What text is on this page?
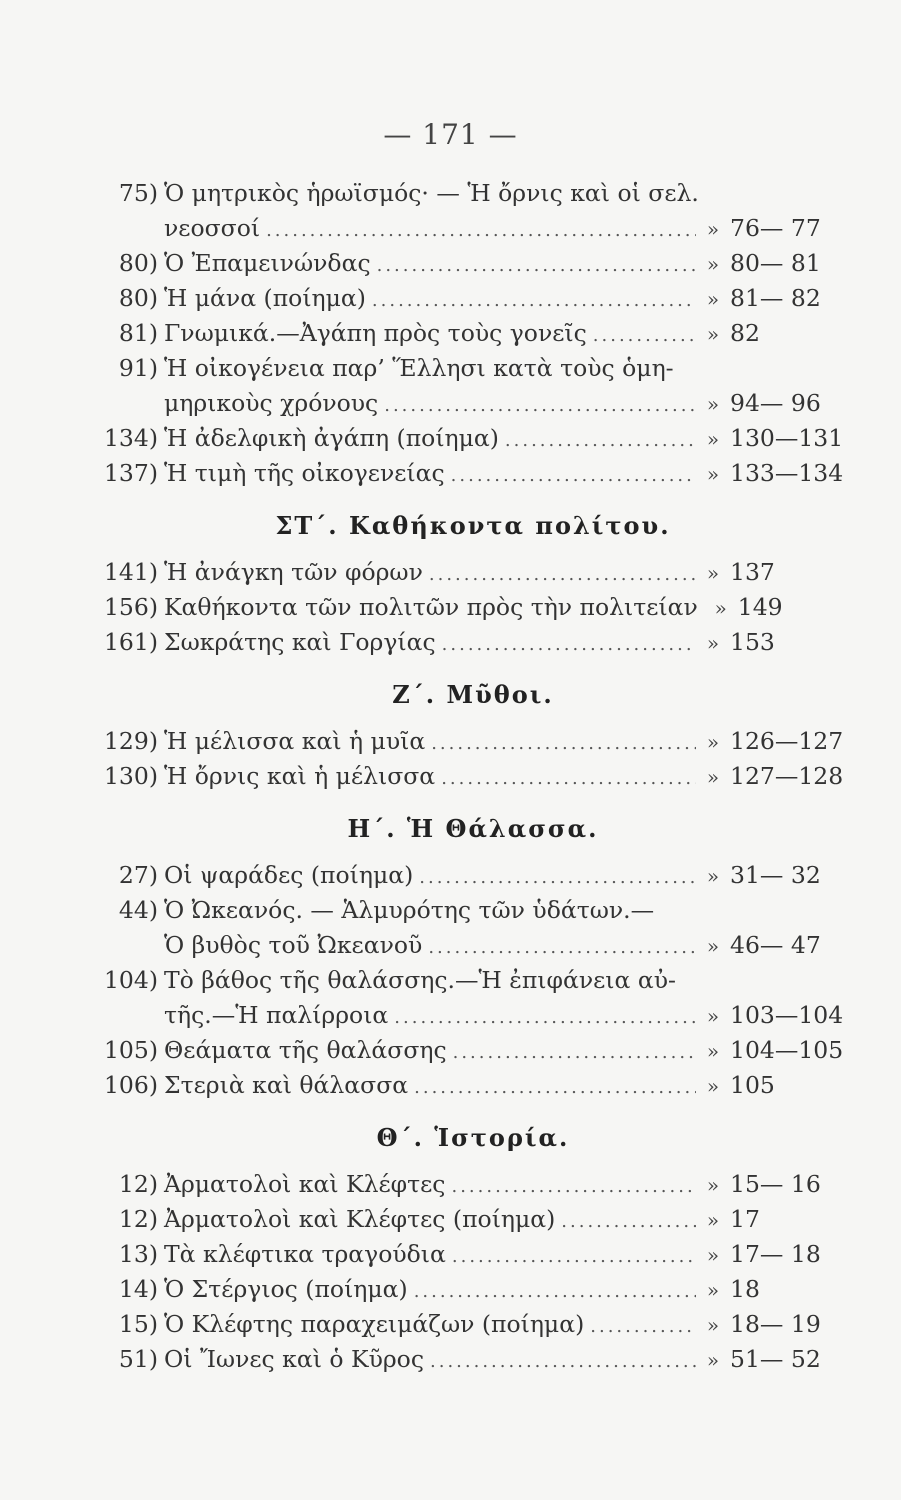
— 171 —
75) Ὁ μητρικὸς ἡρωϊσμός· — Ἡ ὄρνις καὶ οἱ σελ.
νεοσσοί .....	» 76— 77
80) Ὁ Ἐπαμεινώνδας .....	» 80— 81
80) Ἡ μάνα (ποίημα) .....	» 81— 82
81) Γνωμικά.—Ἀγάπη πρὸς τοὺς γονεῖς .....	» 82
91) Ἡ οἰκογένεια παρ’ Ἕλλησι κατὰ τοὺς ὁμη-
μηρικοὺς χρόνους .....	» 94— 96
134) Ἡ ἀδελφικὴ ἀγάπη (ποίημα) .....	» 130—131
137) Ἡ τιμὴ τῆς οἰκογενείας .....	» 133—134
ΣΤ΄. Καθήκοντα πολίτου.
141) Ἡ ἀνάγκη τῶν φόρων .....	» 137
156) Καθήκοντα τῶν πολιτῶν πρὸς τὴν πολιτείαν » 149
161) Σωκράτης καὶ Γοργίας .....	» 153
Ζ΄. Μῦθοι.
129) Ἡ μέλισσα καὶ ἡ μυῖα .....	» 126—127
130) Ἡ ὄρνις καὶ ἡ μέλισσα .....	» 127—128
Η΄. Ἡ Θάλασσα.
27) Οἱ ψαράδες (ποίημα) .....	» 31— 32
44) Ὁ Ὠκεανός. — Ἁλμυρότης τῶν ὑδάτων.—
Ὁ βυθὸς τοῦ Ὠκεανοῦ .....	» 46— 47
104) Τὸ βάθος τῆς θαλάσσης.—Ἡ ἐπιφάνεια αὐ-
τῆς.—Ἡ παλίρροια .....	» 103—104
105) Θεάματα τῆς θαλάσσης .....	» 104—105
106) Στεριὰ καὶ θάλασσα .....	» 105
Θ΄. Ἱστορία.
12) Ἀρματολοὶ καὶ Κλέφτες .....	» 15— 16
12) Ἀρματολοὶ καὶ Κλέφτες (ποίημα) .....	» 17
13) Τὰ κλέφτικα τραγούδια .....	» 17— 18
14) Ὁ Στέργιος (ποίημα) .....	» 18
15) Ὁ Κλέφτης παραχειμάζων (ποίημα) .....	» 18— 19
51) Οἱ Ἴωνες καὶ ὁ Κῦρος .....	» 51— 52
